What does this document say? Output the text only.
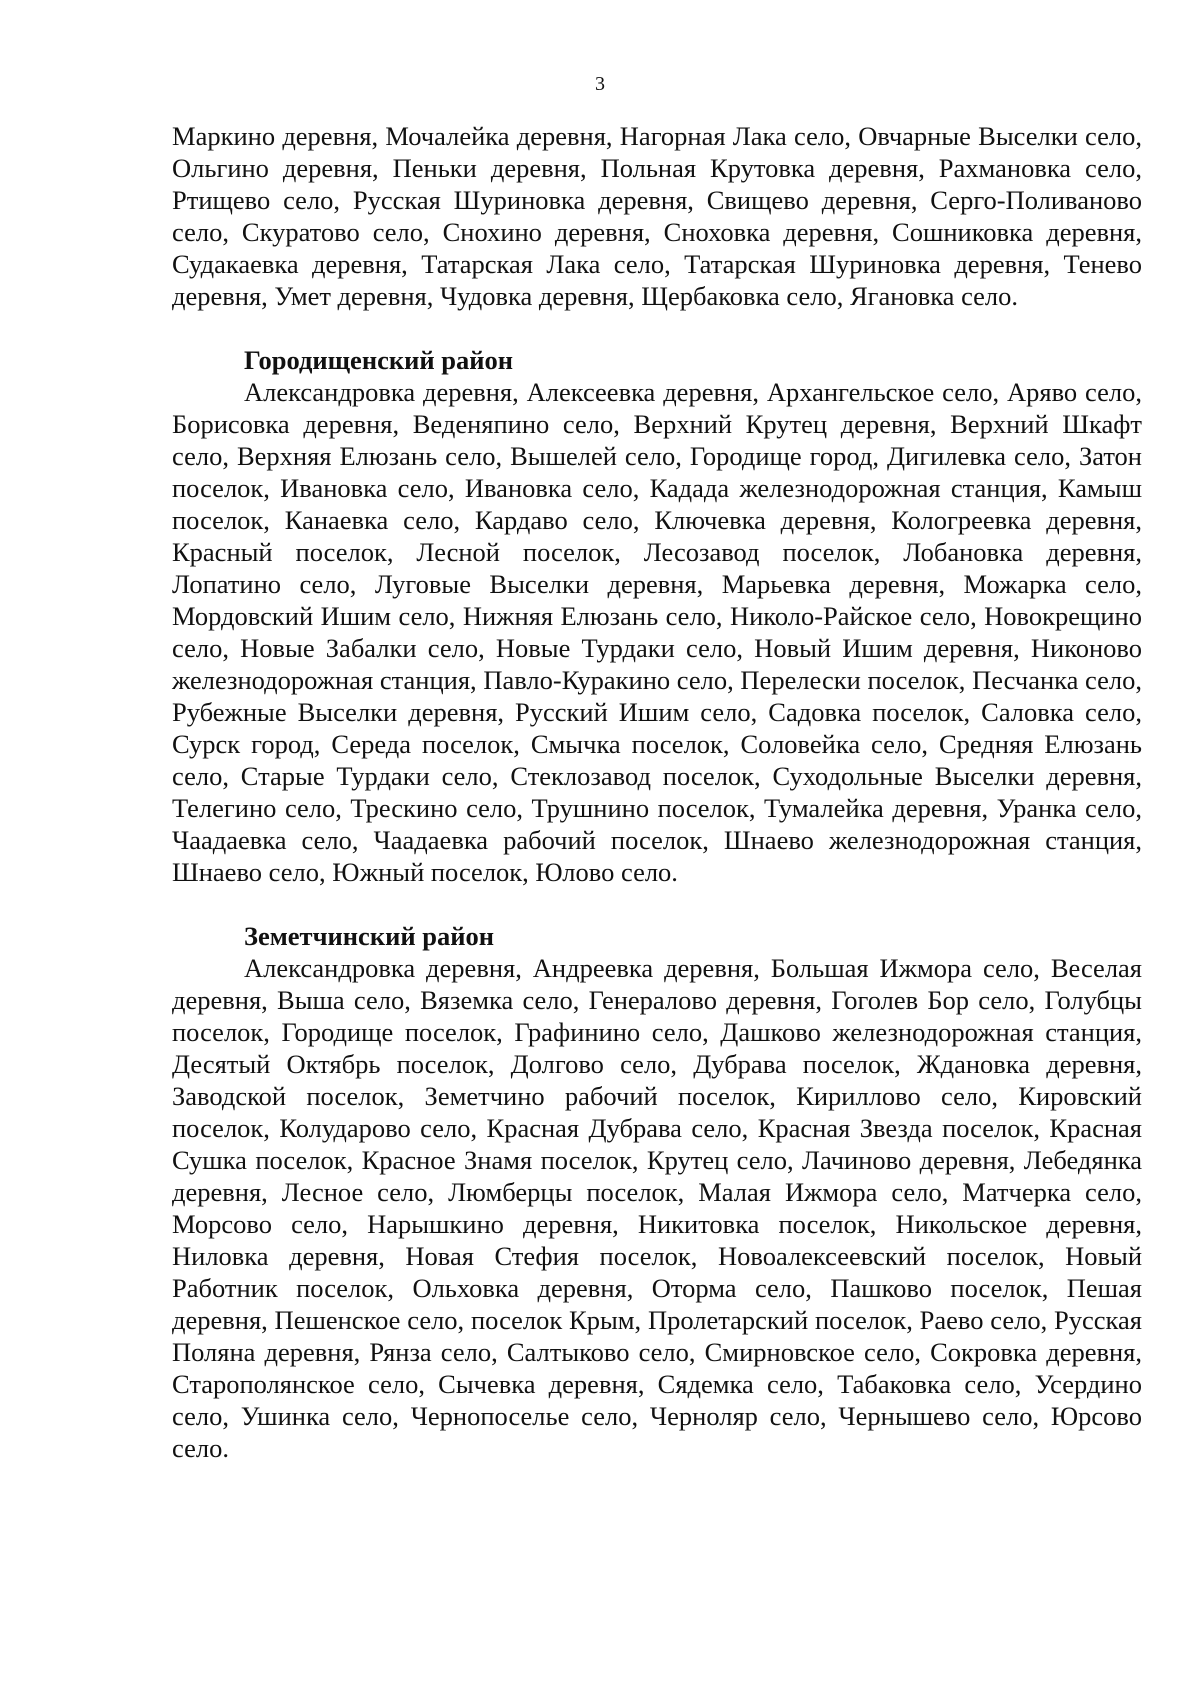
3

Маркино деревня, Мочалейка деревня, Нагорная Лака село, Овчарные Выселки село, Ольгино деревня, Пеньки деревня, Польная Крутовка деревня, Рахмановка село, Ртищево село, Русская Шуриновка деревня, Свищево деревня, Серго-Поливаново село, Скуратово село, Снохино деревня, Сноховка деревня, Сошниковка деревня, Судакаевка деревня, Татарская Лака село, Татарская Шуриновка деревня, Тенево деревня, Умет деревня, Чудовка деревня, Щербаковка село, Ягановка село.

Городищенский район

Александровка деревня, Алексеевка деревня, Архангельское село, Аряво село, Борисовка деревня, Веденяпино село, Верхний Крутец деревня, Верхний Шкафт село, Верхняя Елюзань село, Вышелей село, Городище город, Дигилевка село, Затон поселок, Ивановка село, Ивановка село, Кадада железнодорожная станция, Камыш поселок, Канаевка село, Кардаво село, Ключевка деревня, Кологреевка деревня, Красный поселок, Лесной поселок, Лесозавод поселок, Лобановка деревня, Лопатино село, Луговые Выселки деревня, Марьевка деревня, Можарка село, Мордовский Ишим село, Нижняя Елюзань село, Николо-Райское село, Новокрещино село, Новые Забалки село, Новые Турдаки село, Новый Ишим деревня, Никоново железнодорожная станция, Павло-Куракино село, Перелески поселок, Песчанка село, Рубежные Выселки деревня, Русский Ишим село, Садовка поселок, Саловка село, Сурск город, Середа поселок, Смычка поселок, Соловейка село, Средняя Елюзань село, Старые Турдаки село, Стеклозавод поселок, Суходольные Выселки деревня, Телегино село, Трескино село, Трушнино поселок, Тумалейка деревня, Уранка село, Чаадаевка село, Чаадаевка рабочий поселок, Шнаево железнодорожная станция, Шнаево село, Южный поселок, Юлово село.

Земетчинский район

Александровка деревня, Андреевка деревня, Большая Ижмора село, Веселая деревня, Выша село, Вяземка село, Генералово деревня, Гоголев Бор село, Голубцы поселок, Городище поселок, Графинино село, Дашково железнодорожная станция, Десятый Октябрь поселок, Долгово село, Дубрава поселок, Ждановка деревня, Заводской поселок, Земетчино рабочий поселок, Кириллово село, Кировский поселок, Колударово село, Красная Дубрава село, Красная Звезда поселок, Красная Сушка поселок, Красное Знамя поселок, Крутец село, Лачиново деревня, Лебедянка деревня, Лесное село, Люмберцы поселок, Малая Ижмора село, Матчерка село, Морсово село, Нарышкино деревня, Никитовка поселок, Никольское деревня, Ниловка деревня, Новая Стефия поселок, Новоалексеевский поселок, Новый Работник поселок, Ольховка деревня, Оторма село, Пашково поселок, Пешая деревня, Пешенское село, поселок Крым, Пролетарский поселок, Раево село, Русская Поляна деревня, Рянза село, Салтыково село, Смирновское село, Сокровка деревня, Старополянское село, Сычевка деревня, Сядемка село, Табаковка село, Усердино село, Ушинка село, Чернопоселье село, Черноляр село, Чернышево село, Юрсово село.
